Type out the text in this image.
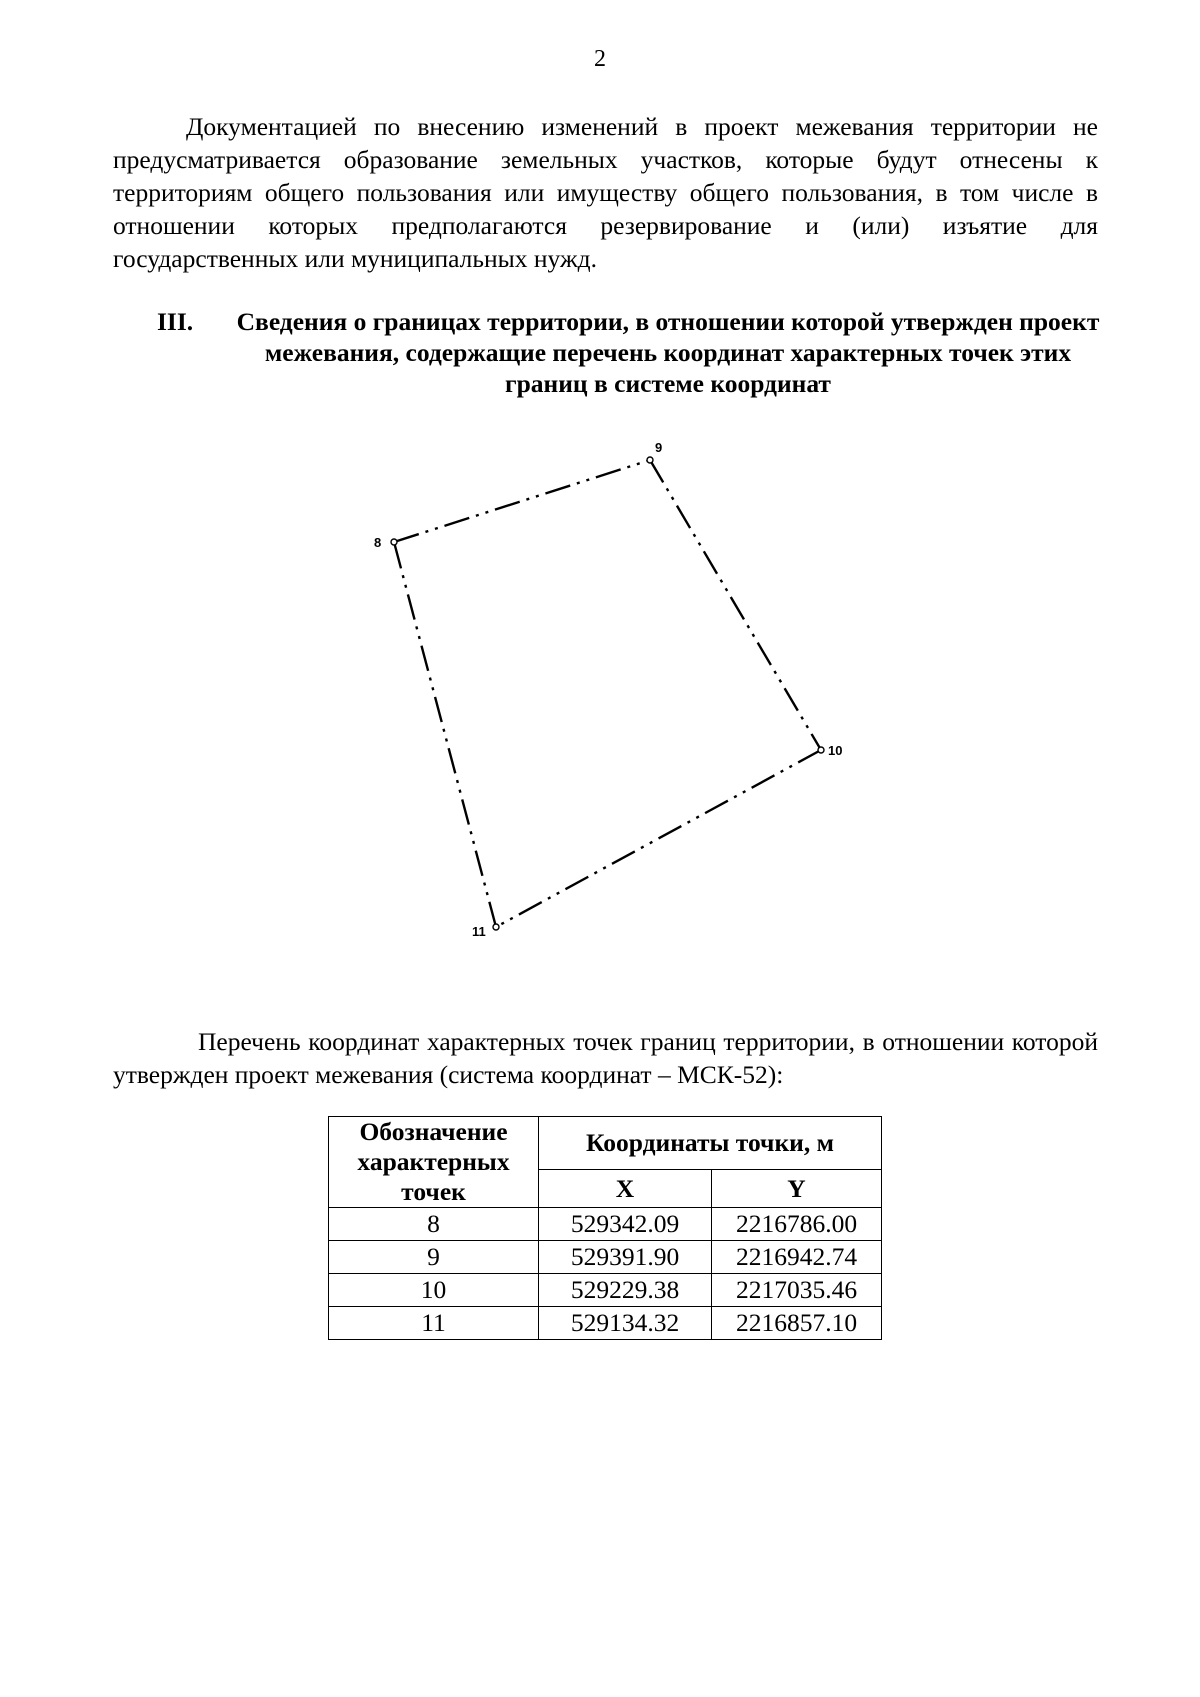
2

Документацией по внесению изменений в проект межевания территории не предусматривается образование земельных участков, которые будут отнесены к территориям общего пользования или имуществу общего пользования, в том числе в отношении которых предполагаются резервирование и (или) изъятие для государственных или муниципальных нужд.

III.	Сведения о границах территории, в отношении которой утвержден проект межевания, содержащие перечень координат характерных точек этих границ в системе координат

8
9
10
11

Перечень координат характерных точек границ территории, в отношении которой утвержден проект межевания (система координат – МСК-52):

Обозначение характерных точек	Координаты точки, м	
	X	Y
8	529342.09	2216786.00
9	529391.90	2216942.74
10	529229.38	2217035.46
11	529134.32	2216857.10
